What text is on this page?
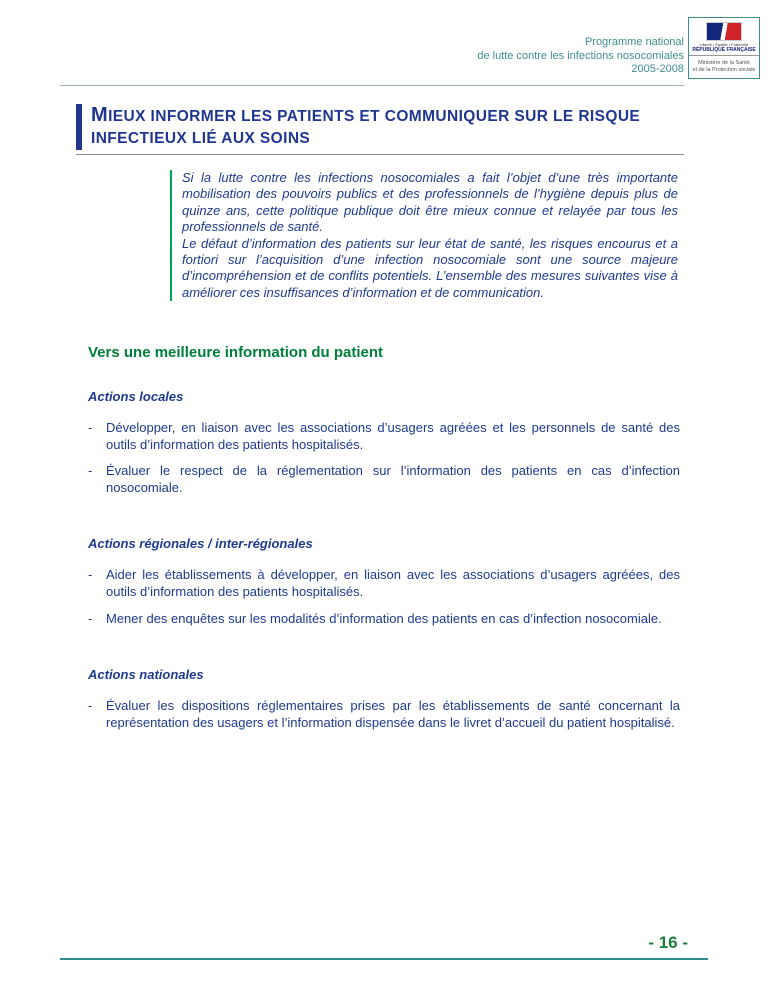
Programme national
de lutte contre les infections nosocomiales
2005-2008
Liberté • Égalité • Fraternité
RÉPUBLIQUE FRANÇAISE
Ministère de la Santé
et de la Protection sociale
MIEUX INFORMER LES PATIENTS ET COMMUNIQUER SUR LE RISQUE INFECTIEUX LIÉ AUX SOINS

Si la lutte contre les infections nosocomiales a fait l’objet d’une très importante mobilisation des pouvoirs publics et des professionnels de l’hygiène depuis plus de quinze ans, cette politique publique doit être mieux connue et relayée par tous les professionnels de santé.

Le défaut d’information des patients sur leur état de santé, les risques encourus et a fortiori sur l’acquisition d’une infection nosocomiale sont une source majeure d’incompréhension et de conflits potentiels. L’ensemble des mesures suivantes vise à améliorer ces insuffisances d’information et de communication.

Vers une meilleure information du patient
Actions locales
-	Développer, en liaison avec les associations d’usagers agréées et les personnels de santé des outils d’information des patients hospitalisés.

-	Évaluer le respect de la réglementation sur l’information des patients en cas d’infection nosocomiale.

Actions régionales / inter-régionales
-	Aider les établissements à développer, en liaison avec les associations d’usagers agréées, des outils d’information des patients hospitalisés.

-	Mener des enquêtes sur les modalités d’information des patients en cas d’infection nosocomiale.

Actions nationales
-	Évaluer les dispositions réglementaires prises par les établissements de santé concernant la représentation des usagers et l’information dispensée dans le livret d’accueil du patient hospitalisé.

- 16 -
